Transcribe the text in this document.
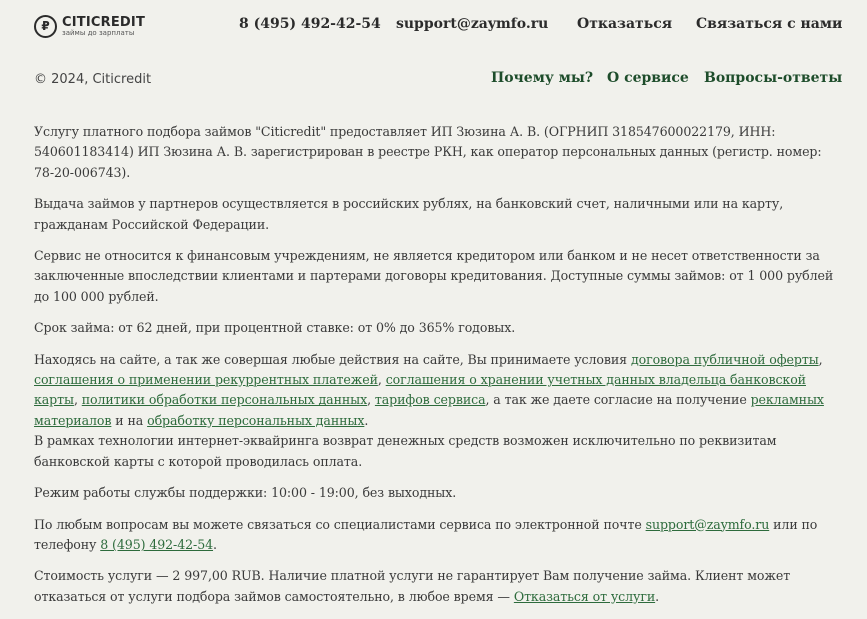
₽ CITICREDIT
займы до зарплаты
8 (495) 492-42-54 support@zaymfo.ru Отказаться Связаться с нами
© 2024, Citicredit	Почему мы? О сервисе Вопросы-ответы

Услугу платного подбора займов "Citicredit" предоставляет ИП Зюзина А. В. (ОГРНИП 318547600022179, ИНН: 540601183414) ИП Зюзина А. В. зарегистрирован в реестре РКН, как оператор персональных данных (регистр. номер: 78-20-006743).

Выдача займов у партнеров осуществляется в российских рублях, на банковский счет, наличными или на карту, гражданам Российской Федерации.

Сервис не относится к финансовым учреждениям, не является кредитором или банком и не несет ответственности за заключенные впоследствии клиентами и партерами договоры кредитования. Доступные суммы займов: от 1 000 рублей до 100 000 рублей.

Срок займа: от 62 дней, при процентной ставке: от 0% до 365% годовых.

Находясь на сайте, а так же совершая любые действия на сайте, Вы принимаете условия договора публичной оферты, соглашения о применении рекуррентных платежей, соглашения о хранении учетных данных владельца банковской карты, политики обработки персональных данных, тарифов сервиса, а так же даете согласие на получение рекламных материалов и на обработку персональных данных.
В рамках технологии интернет-эквайринга возврат денежных средств возможен исключительно по реквизитам банковской карты с которой проводилась оплата.

Режим работы службы поддержки: 10:00 - 19:00, без выходных.

По любым вопросам вы можете связаться со специалистами сервиса по электронной почте support@zaymfo.ru или по телефону 8 (495) 492-42-54.

Стоимость услуги — 2 997,00 RUB. Наличие платной услуги не гарантирует Вам получение займа. Клиент может отказаться от услуги подбора займов самостоятельно, в любое время — Отказаться от услуги.
